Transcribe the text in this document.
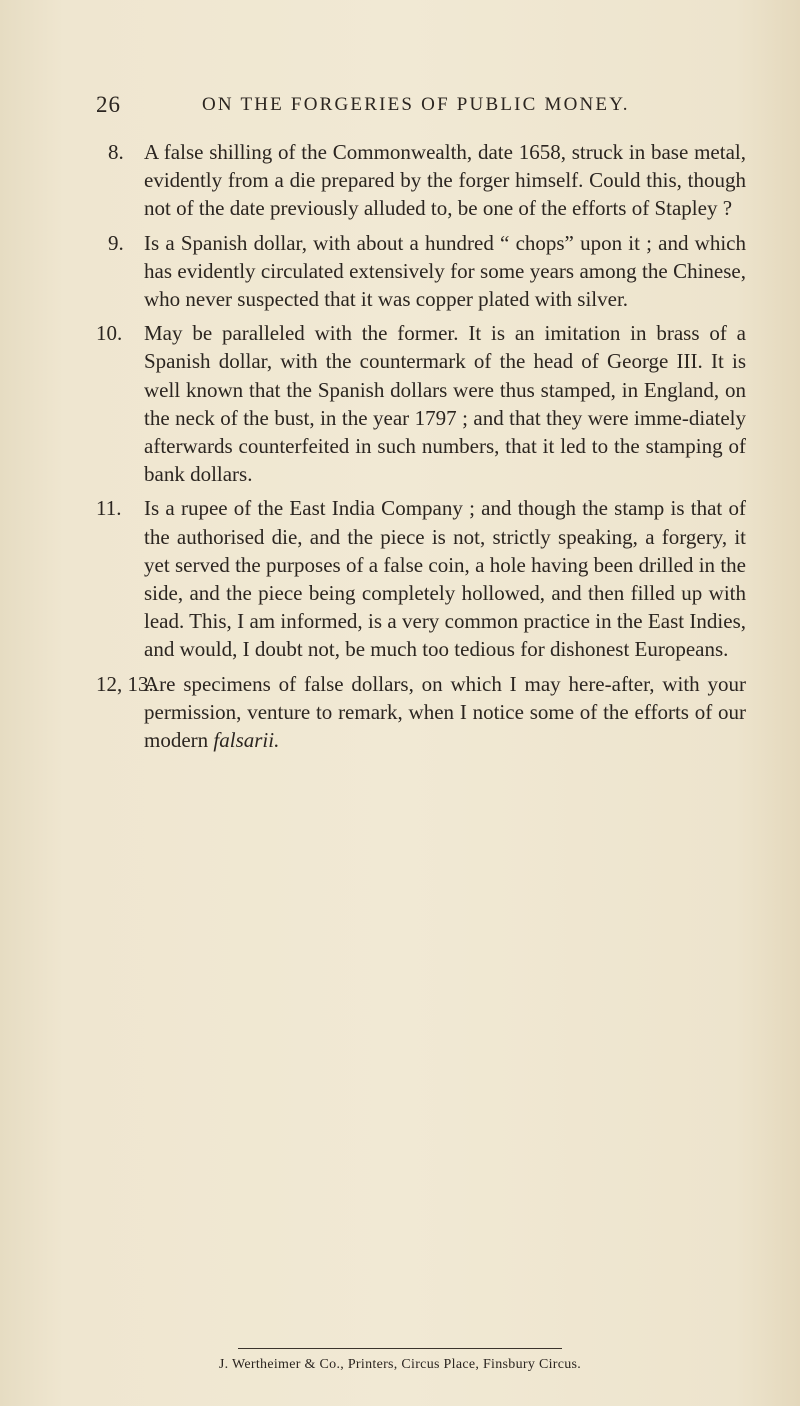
26	ON THE FORGERIES OF PUBLIC MONEY.
8. A false shilling of the Commonwealth, date 1658, struck in base metal, evidently from a die prepared by the forger himself. Could this, though not of the date previously alluded to, be one of the efforts of Stapley ?
9. Is a Spanish dollar, with about a hundred “ chops” upon it ; and which has evidently circulated extensively for some years among the Chinese, who never suspected that it was copper plated with silver.
10. May be paralleled with the former. It is an imitation in brass of a Spanish dollar, with the countermark of the head of George III. It is well known that the Spanish dollars were thus stamped, in England, on the neck of the bust, in the year 1797 ; and that they were imme-diately afterwards counterfeited in such numbers, that it led to the stamping of bank dollars.
11. Is a rupee of the East India Company ; and though the stamp is that of the authorised die, and the piece is not, strictly speaking, a forgery, it yet served the purposes of a false coin, a hole having been drilled in the side, and the piece being completely hollowed, and then filled up with lead. This, I am informed, is a very common practice in the East Indies, and would, I doubt not, be much too tedious for dishonest Europeans.
12, 13.
Are specimens of false dollars, on which I may here-after, with your permission, venture to remark, when I notice some of the efforts of our modern falsarii.
J. Wertheimer & Co., Printers, Circus Place, Finsbury Circus.
